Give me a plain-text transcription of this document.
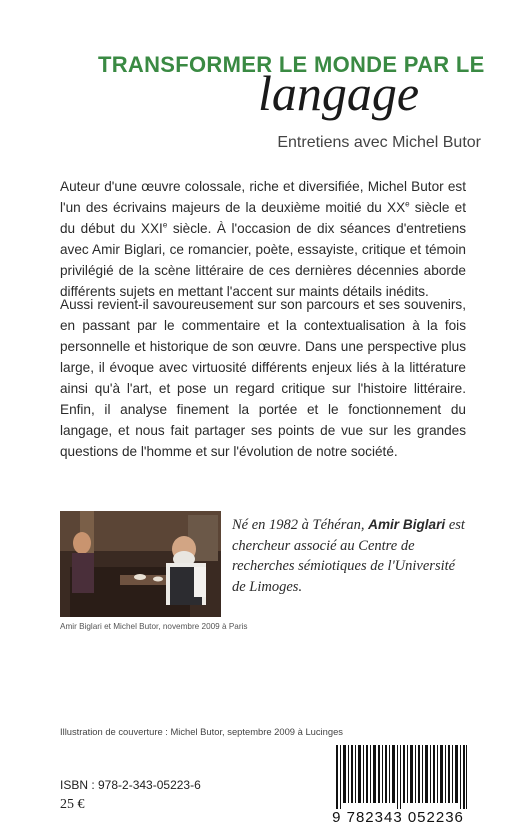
TRANSFORMER LE MONDE PAR LE
langage
Entretiens avec Michel Butor

Auteur d'une œuvre colossale, riche et diversifiée, Michel Butor est l'un des écrivains majeurs de la deuxième moitié du XXe siècle et du début du XXIe siècle. À l'occasion de dix séances d'entretiens avec Amir Biglari, ce romancier, poète, essayiste, critique et témoin privilégié de la scène littéraire de ces dernières décennies aborde différents sujets en mettant l'accent sur maints détails inédits.

Aussi revient-il savoureusement sur son parcours et ses souvenirs, en passant par le commentaire et la contextualisation à la fois personnelle et historique de son œuvre. Dans une perspective plus large, il évoque avec virtuosité différents enjeux liés à la littérature ainsi qu'à l'art, et pose un regard critique sur l'histoire littéraire. Enfin, il analyse finement la portée et le fonctionnement du langage, et nous fait partager ses points de vue sur les grandes questions de l'homme et sur l'évolution de notre société.

Amir Biglari et Michel Butor, novembre 2009 à Paris

Né en 1982 à Téhéran, Amir Biglari est chercheur associé au Centre de recherches sémiotiques de l'Université de Limoges.

Illustration de couverture : Michel Butor, septembre 2009 à Lucinges
ISBN : 978-2-343-05223-6
25 €
9 782343 052236
